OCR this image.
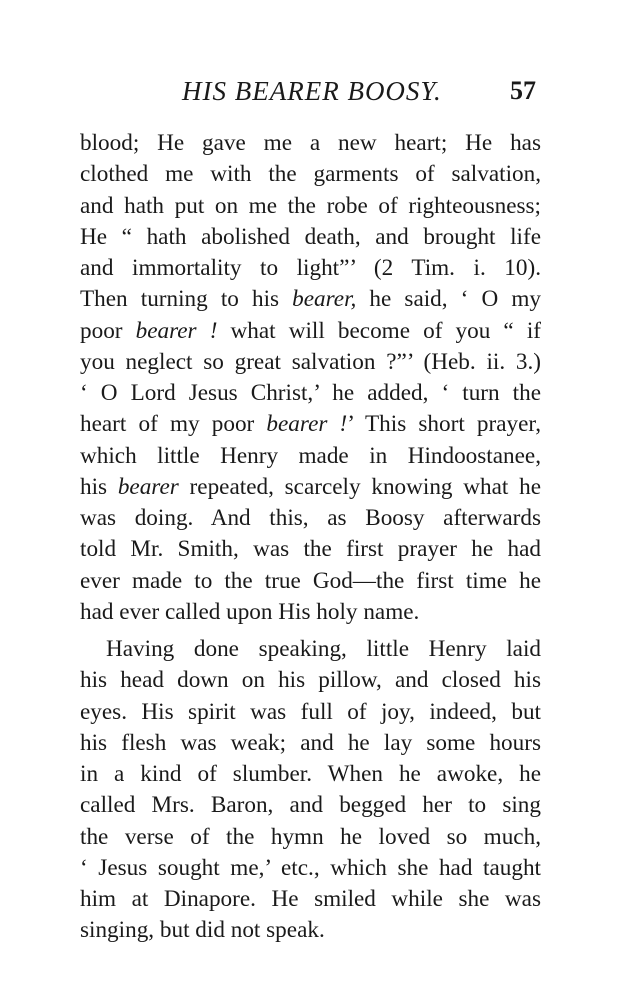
HIS BEARER BOOSY.	57
blood; He gave me a new heart; He has
clothed me with the garments of salvation,
and hath put on me the robe of righteousness;
He “ hath abolished death, and brought life
and immortality to light”’ (2 Tim. i. 10).
Then turning to his bearer, he said, ‘ O my
poor bearer ! what will become of you “ if
you neglect so great salvation ?”’ (Heb. ii. 3.)
‘ O Lord Jesus Christ,’ he added, ‘ turn the
heart of my poor bearer !’ This short prayer,
which little Henry made in Hindoostanee,
his bearer repeated, scarcely knowing what he
was doing. And this, as Boosy afterwards
told Mr. Smith, was the first prayer he had
ever made to the true God—the first time he
had ever called upon His holy name.
Having done speaking, little Henry laid
his head down on his pillow, and closed his
eyes. His spirit was full of joy, indeed, but
his flesh was weak; and he lay some hours
in a kind of slumber. When he awoke, he
called Mrs. Baron, and begged her to sing
the verse of the hymn he loved so much,
‘ Jesus sought me,’ etc., which she had taught
him at Dinapore. He smiled while she was
singing, but did not speak.
